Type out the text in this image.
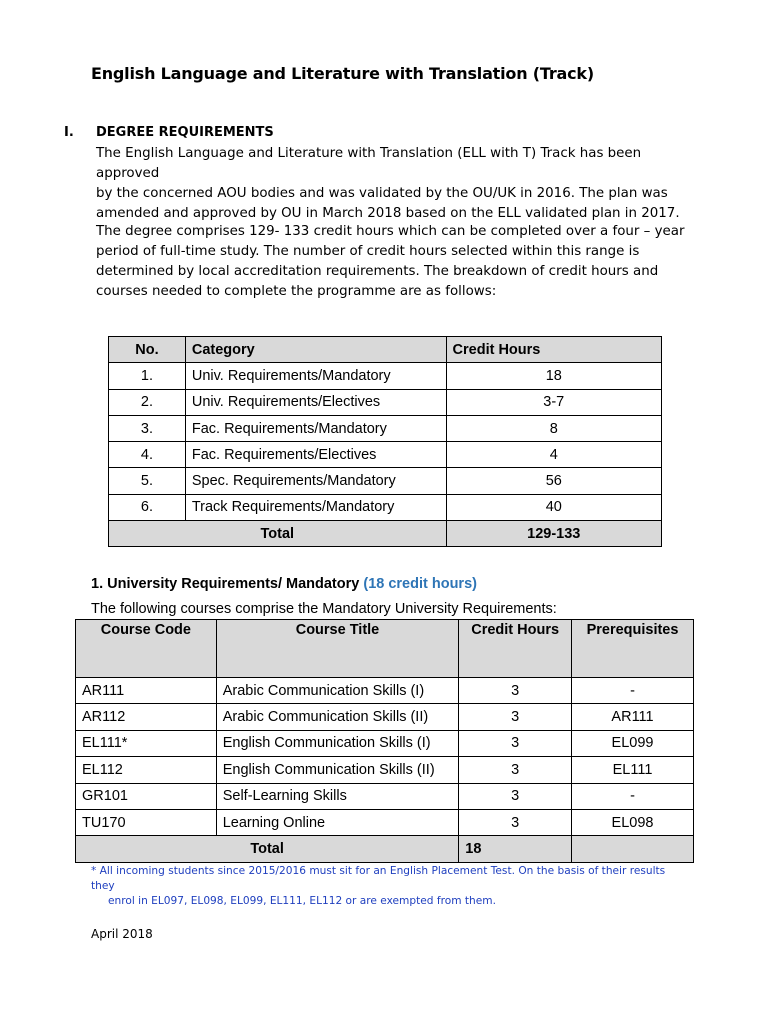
English Language and Literature with Translation (Track)
I. DEGREE REQUIREMENTS
The English Language and Literature with Translation (ELL with T) Track has been approved
by the concerned AOU bodies and was validated by the OU/UK in 2016. The plan was
amended and approved by OU in March 2018 based on the ELL validated plan in 2017.
The degree comprises 129- 133 credit hours which can be completed over a four – year
period of full-time study. The number of credit hours selected within this range is
determined by local accreditation requirements. The breakdown of credit hours and
courses needed to complete the programme are as follows:
No.	Category	Credit Hours
1.	Univ. Requirements/Mandatory	18
2.	Univ. Requirements/Electives	3-7
3.	Fac. Requirements/Mandatory	8
4.	Fac. Requirements/Electives	4
5.	Spec. Requirements/Mandatory	56
6.	Track Requirements/Mandatory	40
Total		129-133
1. University Requirements/ Mandatory (18 credit hours)
The following courses comprise the Mandatory University Requirements:
Course Code	Course Title	Credit Hours	Prerequisites
AR111	Arabic Communication Skills (I)	3	-
AR112	Arabic Communication Skills (II)	3	AR111
EL111*	English Communication Skills (I)	3	EL099
EL112	English Communication Skills (II)	3	EL111
GR101	Self-Learning Skills	3	-
TU170	Learning Online	3	EL098
Total		18	
* All incoming students since 2015/2016 must sit for an English Placement Test. On the basis of their results they
enrol in EL097, EL098, EL099, EL111, EL112 or are exempted from them.
April 2018
